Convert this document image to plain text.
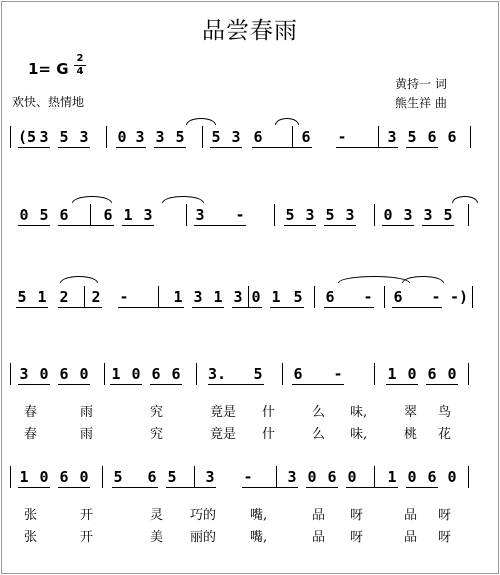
品尝春雨
1= G
2
4
欢快、热情地
黄持一 词
熊生祥 曲
(5 3 5 3 0 3 3 5 5 3 6	6 -	3 5 6 6
0 5 6 6 1 3	3 -	5 3 5 3 0 3 3 5
5 1 2 2 -	1 3 1 3 0 1 5 6 - 6 - -)
3 0 6 0 1 0 6 6 3. 5 6 -	1 0 6 0
春	雨	究	竟是 什	么 味,	翠 鸟
春	雨	究	竟是 什	么 味,	桃 花
1 0 6 0 5 6 5 3 - 3 0 6 0 1 0 6 0
张	开	灵 巧的	嘴,	品 呀	品 呀
张	开	美 丽的	嘴,	品 呀	品 呀
